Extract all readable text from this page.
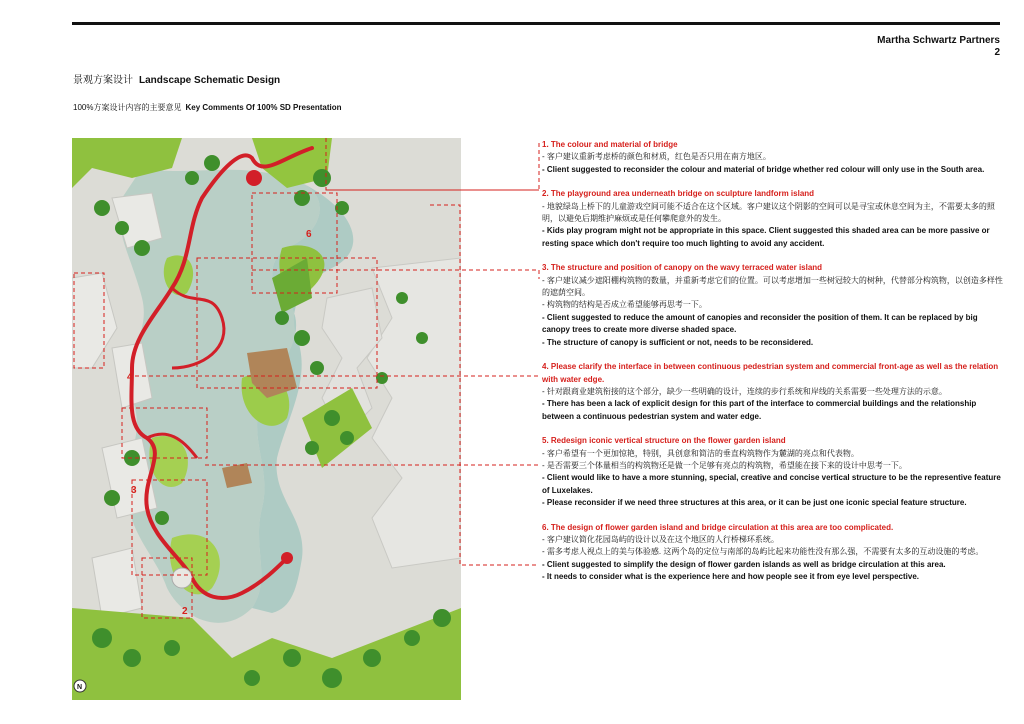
Martha Schwartz Partners
2
景观方案设计 Landscape Schematic Design
100%方案设计内容的主要意见 Key Comments Of 100% SD Presentation
6
4
3
2
N
1. The colour and material of bridge

- 客户建议重新考虑桥的颜色和材质，红色是否只用在南方地区。

- Client suggested to reconsider the colour and material of bridge whether red colour will only use in the South area.

2. The playground area underneath bridge on sculpture landform island

- 地貌绿岛上桥下的儿童游戏空间可能不适合在这个区域。客户建议这个阴影的空间可以是寻宝或休息空间为主，不需要太多的照明，以避免后期维护麻烦或是任何攀爬意外的发生。

- Kids play program might not be appropriate in this space. Client suggested this shaded area can be more passive or resting space which don't require too much lighting to avoid any accident.

3. The structure and position of canopy on the wavy terraced water island

- 客户建议减少遮阳棚构筑物的数量，并重新考虑它们的位置。可以考虑增加一些树冠较大的树种，代替部分构筑物，以创造多样性的遮荫空间。

- 构筑物的结构是否成立希望能够再思考一下。

- Client suggested to reduce the amount of canopies and reconsider the position of them. It can be replaced by big canopy trees to create more diverse shaded space.

- The structure of canopy is sufficient or not, needs to be reconsidered.

4. Please clarify the interface in between continuous pedestrian system and commercial front-age as well as the relation with water edge.

- 针对跟商业建筑衔接的这个部分，缺少一些明确的设计，连续的步行系统和岸线的关系需要一些处理方法的示意。

- There has been a lack of explicit design for this part of the interface to commercial buildings and the relationship between a continuous pedestrian system and water edge.

5. Redesign iconic vertical structure on the flower garden island

- 客户希望有一个更加惊艳，特别，具创意和简洁的垂直构筑物作为麓湖的亮点和代表物。

- 是否需要三个体量相当的构筑物还是做一个足够有亮点的构筑物，希望能在接下来的设计中思考一下。

- Client would like to have a more stunning, special, creative and concise vertical structure to be the representive feature of Luxelakes.

- Please reconsider if we need three structures at this area, or it can be just one iconic special feature structure.

6. The design of flower garden island and bridge circulation at this area are too complicated.

- 客户建议简化花园岛屿的设计以及在这个地区的人行桥梯环系统。

- 需多考虑人视点上的美与体验感. 这两个岛的定位与南部的岛屿比起来功能性没有那么强，不需要有太多的互动设施的考虑。

- Client suggested to simplify the design of flower garden islands as well as bridge circulation at this area.

- It needs to consider what is the experience here and how people see it from eye level perspective.
